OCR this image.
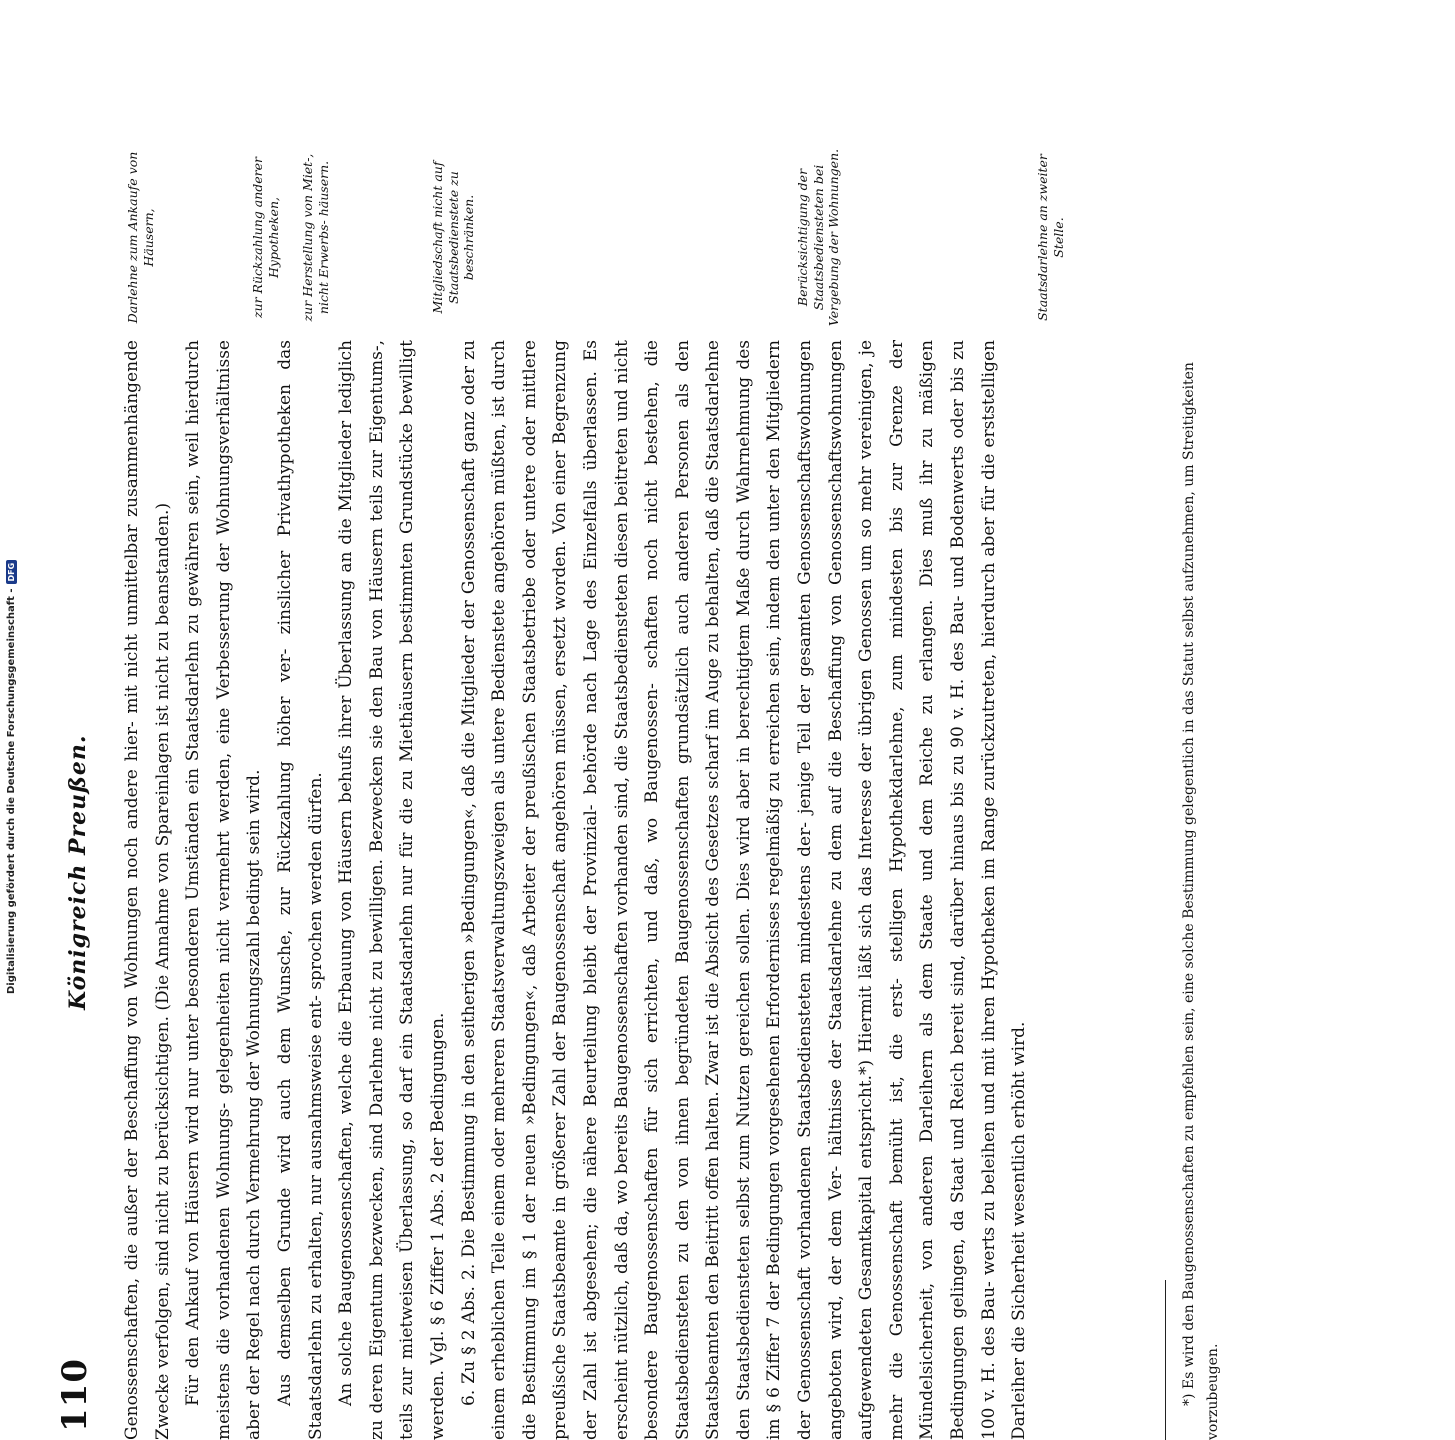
110
Königreich Preußen. Genossenschaften, die außer der Beschaffung von Wohnungen noch andere hier- mit nicht unmittelbar zusammenhängende Zwecke verfolgen, sind nicht zu berücksichtigen. (Die Annahme von Spareinlagen ist nicht zu beanstanden.) Für den Ankauf von Häusern wird nur unter besonderen Umständen ein Staatsdarlehn zu gewähren sein, weil hierdurch meistens die vorhandenen Wohnungs- gelegenheiten nicht vermehrt werden, eine Verbesserung der Wohnungsverhältnisse aber der Regel nach durch Vermehrung der Wohnungszahl bedingt sein wird. Aus demselben Grunde wird auch dem Wunsche, zur Rückzahlung höher ver- zinslicher Privathypotheken das Staatsdarlehn zu erhalten, nur ausnahmsweise ent- sprochen werden dürfen. An solche Baugenossenschaften, welche die Erbauung von Häusern behufs ihrer Überlassung an die Mitglieder lediglich zu deren Eigentum bezwecken, sind Darlehne nicht zu bewilligen. Bezwecken sie den Bau von Häusern teils zur Eigentums-, teils zur mietweisen Überlassung, so darf ein Staatsdarlehn nur für die zu Miethäusern bestimmten Grundstücke bewilligt werden. Vgl. § 6 Ziffer 1 Abs. 2 der Bedingungen. 6. Zu § 2 Abs. 2. Die Bestimmung in den seitherigen »Bedingungen«, daß die Mitglieder der Genossenschaft ganz oder zu einem erheblichen Teile einem oder mehreren Staatsverwaltungszweigen als untere Bedienstete angehören müßten, ist durch die Bestimmung im § 1 der neuen »Bedingungen«, daß Arbeiter der preußischen Staatsbetriebe oder untere oder mittlere preußische Staatsbeamte in größerer Zahl der Baugenossenschaft angehören müssen, ersetzt worden. Von einer Begrenzung der Zahl ist abgesehen; die nähere Beurteilung bleibt der Provinzial- behörde nach Lage des Einzelfalls überlassen. Es erscheint nützlich, daß da, wo bereits Baugenossenschaften vorhanden sind, die Staatsbediensteten diesen beitreten und nicht besondere Baugenossenschaften für sich errichten, und daß, wo Baugenossen- schaften noch nicht bestehen, die Staatsbediensteten zu den von ihnen begründeten Baugenossenschaften grundsätzlich auch anderen Personen als den Staatsbeamten den Beitritt offen halten. Zwar ist die Absicht des Gesetzes scharf im Auge zu behalten, daß die Staatsdarlehne den Staatsbediensteten selbst zum Nutzen gereichen sollen. Dies wird aber in berechtigtem Maße durch Wahrnehmung des im § 6 Ziffer 7 der Bedingungen vorgesehenen Erfordernisses regelmäßig zu erreichen sein, indem den unter den Mitgliedern der Genossenschaft vorhandenen Staatsbediensteten mindestens der- jenige Teil der gesamten Genossenschaftswohnungen angeboten wird, der dem Ver- hältnisse der Staatsdarlehne zu dem auf die Beschaffung von Genossenschaftswohnungen aufgewendeten Gesamtkapital entspricht.*) Hiermit läßt sich das Interesse der übrigen Genossen um so mehr vereinigen, je mehr die Genossenschaft bemüht ist, die erst- stelligen Hypothekdarlehne, zum mindesten bis zur Grenze der Mündelsicherheit, von anderen Darleihern als dem Staate und dem Reiche zu erlangen. Dies muß ihr zu mäßigen Bedingungen gelingen, da Staat und Reich bereit sind, darüber hinaus bis zu 90 v. H. des Bau- und Bodenwerts oder bis zu 100 v. H. des Bau- werts zu beleihen und mit ihren Hypotheken im Range zurückzutreten, hierdurch aber für die erststelligen Darleiher die Sicherheit wesentlich erhöht wird.

Darlehne zum Ankaufe von Häusern,	zur Rückzahlung anderer Hypotheken, zur Herstellung von Miet-, nicht Erwerbs- häusern.	Mitgliedschaft nicht auf Staatsbedienstete zu beschränken.	Berücksichtigung der Staatsbediensteten bei Vergebung der Wohnungen.	Staatsdarlehne an zweiter Stelle.
*) Es wird den Baugenossenschaften zu empfehlen sein, eine solche Bestimmung gelegentlich in das Statut selbst aufzunehmen, um Streitigkeiten vorzubeugen.
Digitalisierung gefördert durch die Deutsche Forschungsgemeinschaft -
DFG
